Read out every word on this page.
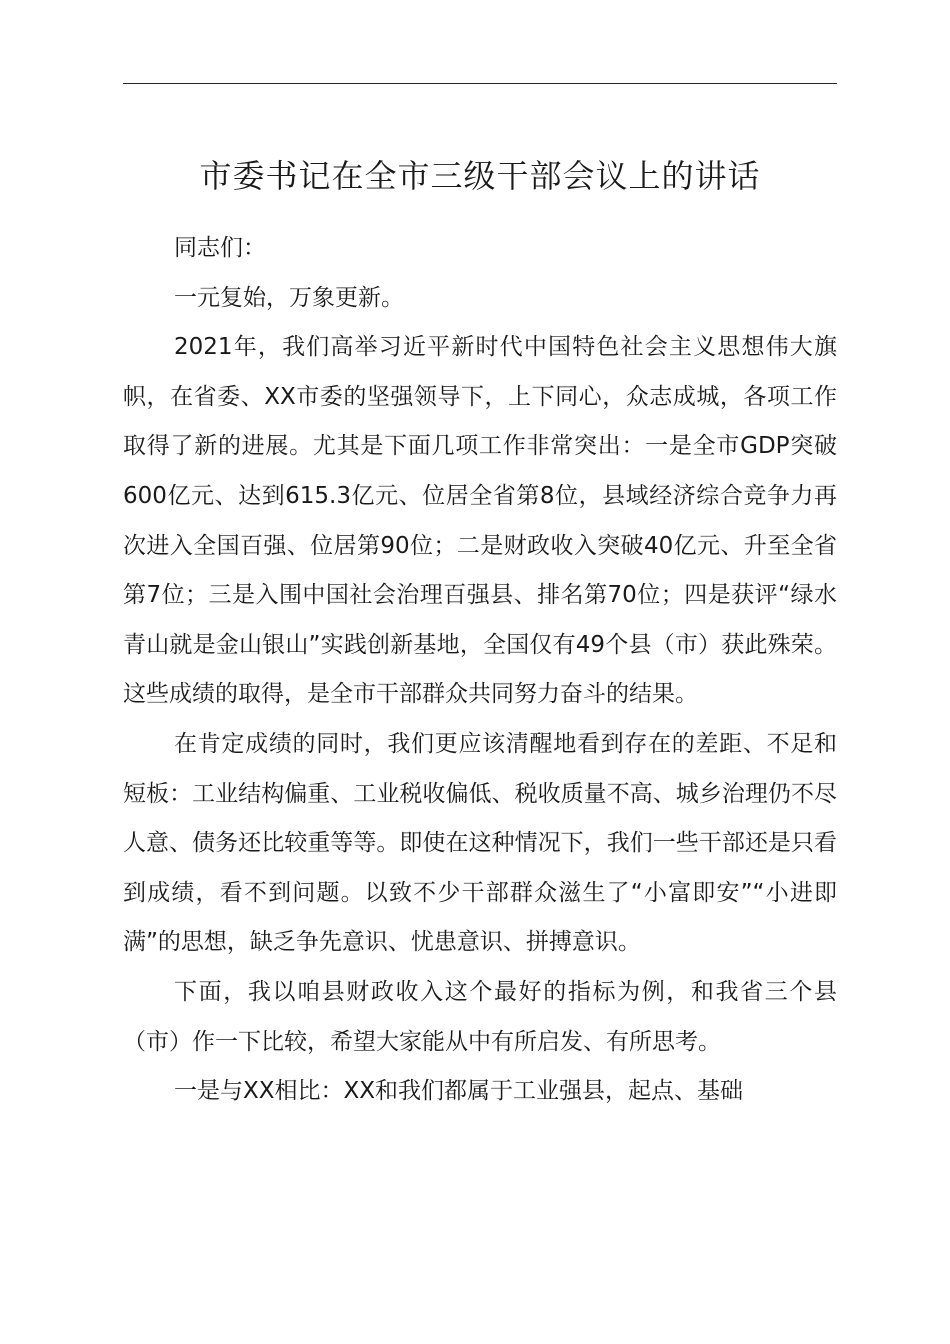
市委书记在全市三级干部会议上的讲话

同志们：

一元复始，万象更新。

2021年，我们高举习近平新时代中国特色社会主义思想伟大旗帜，在省委、XX市委的坚强领导下，上下同心，众志成城，各项工作取得了新的进展。尤其是下面几项工作非常突出：一是全市GDP突破600亿元、达到615.3亿元、位居全省第8位，县域经济综合竞争力再次进入全国百强、位居第90位；二是财政收入突破40亿元、升至全省第7位；三是入围中国社会治理百强县、排名第70位；四是获评“绿水青山就是金山银山”实践创新基地，全国仅有49个县（市）获此殊荣。这些成绩的取得，是全市干部群众共同努力奋斗的结果。

在肯定成绩的同时，我们更应该清醒地看到存在的差距、不足和短板：工业结构偏重、工业税收偏低、税收质量不高、城乡治理仍不尽人意、债务还比较重等等。即使在这种情况下，我们一些干部还是只看到成绩，看不到问题。以致不少干部群众滋生了“小富即安”“小进即满”的思想，缺乏争先意识、忧患意识、拼搏意识。

下面，我以咱县财政收入这个最好的指标为例，和我省三个县（市）作一下比较，希望大家能从中有所启发、有所思考。

一是与XX相比：XX和我们都属于工业强县，起点、基础
